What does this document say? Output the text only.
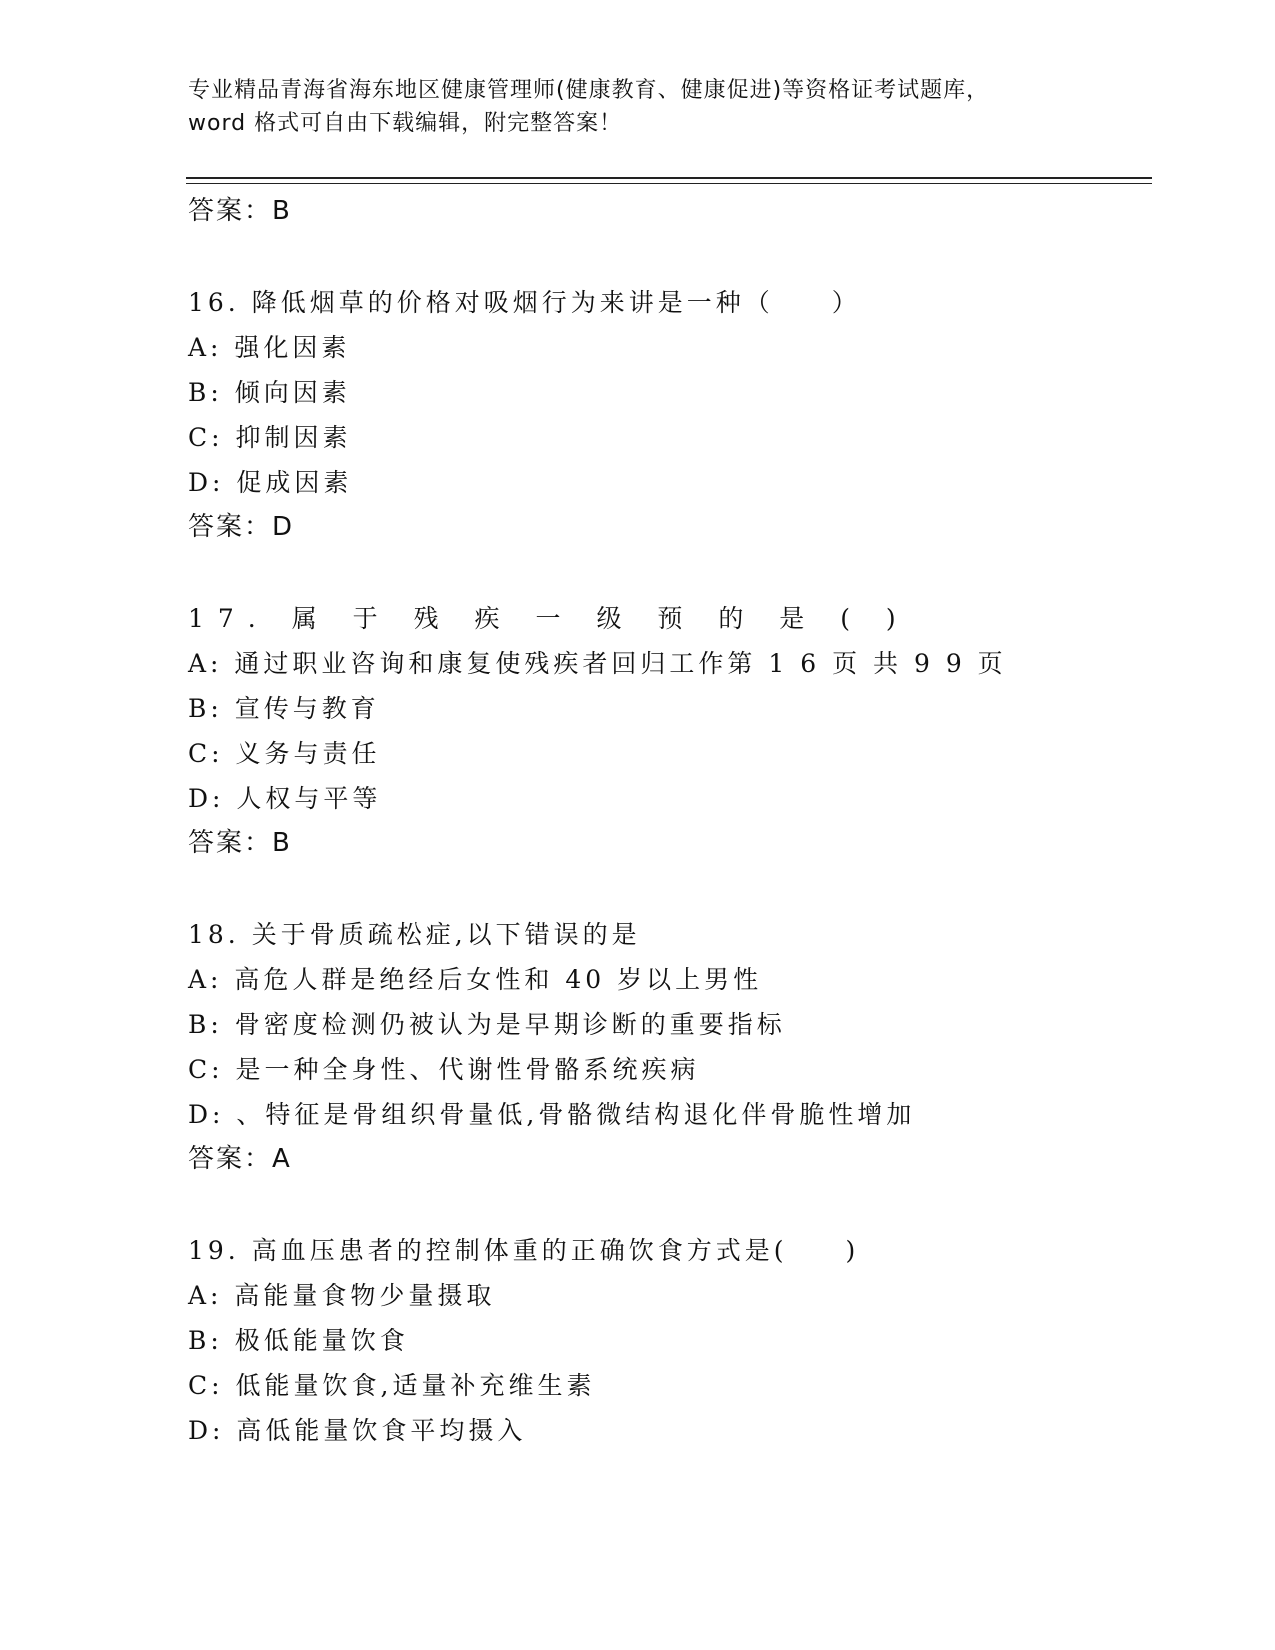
专业精品青海省海东地区健康管理师(健康教育、健康促进)等资格证考试题库，
word 格式可自由下载编辑，附完整答案！
答案：B
16. 降低烟草的价格对吸烟行为来讲是一种（　　）
A: 强化因素
B: 倾向因素
C: 抑制因素
D: 促成因素
答案：D
17. 属 于 残 疾 一 级 预 的 是 ( )
A: 通过职业咨询和康复使残疾者回归工作第 1 6 页 共 9 9 页
B: 宣传与教育
C: 义务与责任
D: 人权与平等
答案：B
18. 关于骨质疏松症,以下错误的是
A: 高危人群是绝经后女性和 40 岁以上男性
B: 骨密度检测仍被认为是早期诊断的重要指标
C: 是一种全身性、代谢性骨骼系统疾病
D: 、特征是骨组织骨量低,骨骼微结构退化伴骨脆性增加
答案：A
19. 高血压患者的控制体重的正确饮食方式是(　　)
A: 高能量食物少量摄取
B: 极低能量饮食
C: 低能量饮食,适量补充维生素
D: 高低能量饮食平均摄入
